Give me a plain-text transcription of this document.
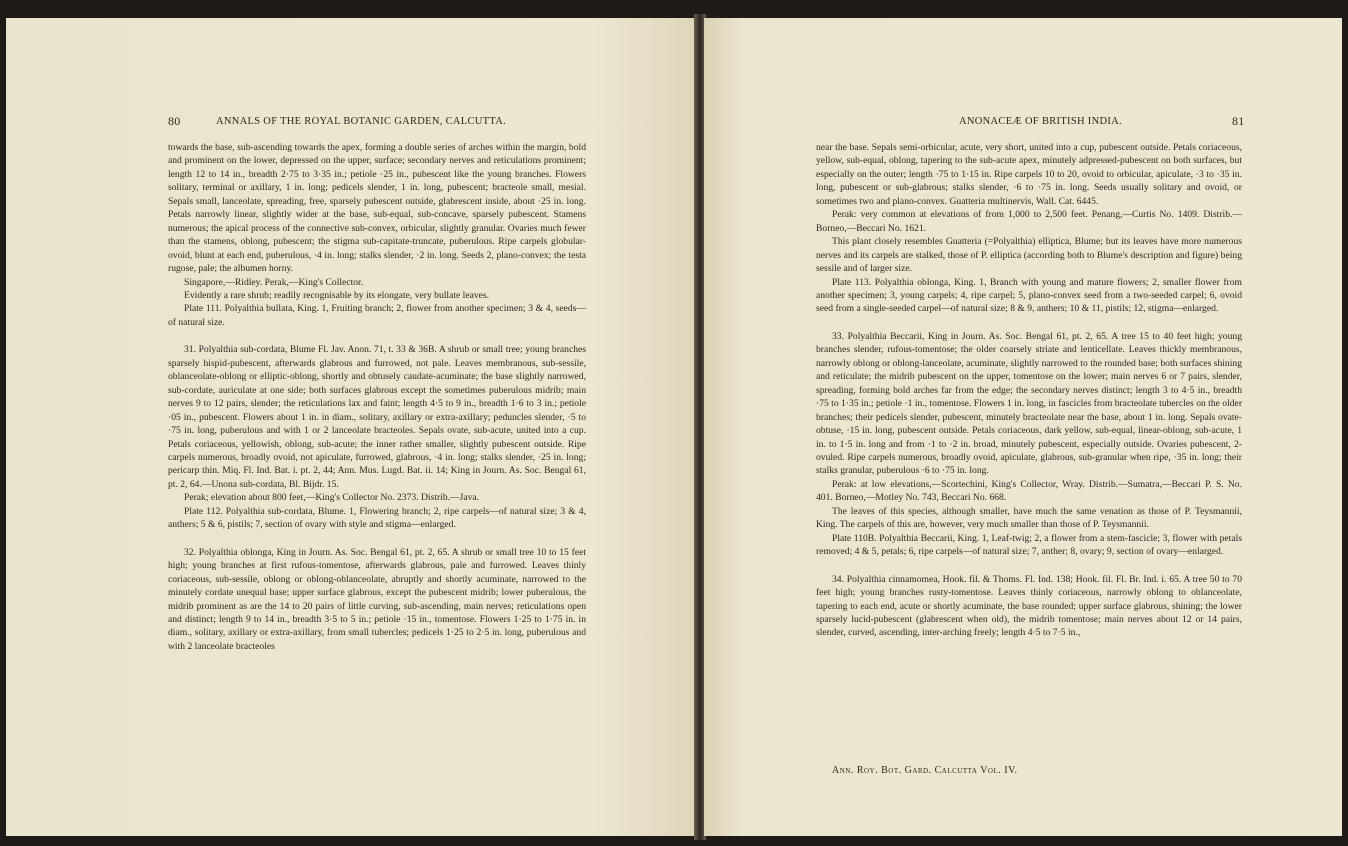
80	ANNALS OF THE ROYAL BOTANIC GARDEN, CALCUTTA.

towards the base, sub-ascending towards the apex, forming a double series of arches within the margin, bold and prominent on the lower, depressed on the upper, surface; secondary nerves and reticulations prominent; length 12 to 14 in., breadth 2·75 to 3·35 in.; petiole ·25 in., pubescent like the young branches. Flowers solitary, terminal or axillary, 1 in. long; pedicels slender, 1 in. long, pubescent; bracteole small, mesial. Sepals small, lanceolate, spreading, free, sparsely pubescent outside, glabrescent inside, about ·25 in. long. Petals narrowly linear, slightly wider at the base, sub-equal, sub-concave, sparsely pubescent. Stamens numerous; the apical process of the connective sub-convex, orbicular, slightly granular. Ovaries much fewer than the stamens, oblong, pubescent; the stigma sub-capitate-truncate, puberulous. Ripe carpels globular-ovoid, blunt at each end, puberulous, ·4 in. long; stalks slender, ·2 in. long. Seeds 2, plano-convex; the testa rugose, pale; the albumen horny.

Singapore,—Ridley. Perak,—King's Collector.

Evidently a rare shrub; readily recognisable by its elongate, very bullate leaves.

Plate 111. Polyalthia bullata, King. 1, Fruiting branch; 2, flower from another specimen; 3 & 4, seeds—of natural size.

31. Polyalthia sub-cordata, Blume Fl. Jav. Anon. 71, t. 33 & 36B. A shrub or small tree; young branches sparsely hispid-pubescent, afterwards glabrous and furrowed, not pale. Leaves membranous, sub-sessile, oblanceolate-oblong or elliptic-oblong, shortly and obtusely caudate-acuminate; the base slightly narrowed, sub-cordate, auriculate at one side; both surfaces glabrous except the sometimes puberulous midrib; main nerves 9 to 12 pairs, slender; the reticulations lax and faint; length 4·5 to 9 in., breadth 1·6 to 3 in.; petiole ·05 in., pubescent. Flowers about 1 in. in diam., solitary, axillary or extra-axillary; peduncles slender, ·5 to ·75 in. long, puberulous and with 1 or 2 lanceolate bracteoles. Sepals ovate, sub-acute, united into a cup. Petals coriaceous, yellowish, oblong, sub-acute; the inner rather smaller, slightly pubescent outside. Ripe carpels numerous, broadly ovoid, not apiculate, furrowed, glabrous, ·4 in. long; stalks slender, ·25 in. long; pericarp thin. Miq. Fl. Ind. Bat. i. pt. 2, 44; Ann. Mus. Lugd. Bat. ii. 14; King in Journ. As. Soc. Bengal 61, pt. 2, 64.—Unona sub-cordata, Bl. Bijdr. 15.

Perak; elevation about 800 feet,—King's Collector No. 2373. Distrib.—Java.

Plate 112. Polyalthia sub-cordata, Blume. 1, Flowering branch; 2, ripe carpels—of natural size; 3 & 4, anthers; 5 & 6, pistils; 7, section of ovary with style and stigma—enlarged.

32. Polyalthia oblonga, King in Journ. As. Soc. Bengal 61, pt. 2, 65. A shrub or small tree 10 to 15 feet high; young branches at first rufous-tomentose, afterwards glabrous, pale and furrowed. Leaves thinly coriaceous, sub-sessile, oblong or oblong-oblanceolate, abruptly and shortly acuminate, narrowed to the minutely cordate unequal base; upper surface glabrous, except the pubescent midrib; lower puberulous, the midrib prominent as are the 14 to 20 pairs of little curving, sub-ascending, main nerves; reticulations open and distinct; length 9 to 14 in., breadth 3·5 to 5 in.; petiole ·15 in., tomentose. Flowers 1·25 to 1·75 in. in diam., solitary, axillary or extra-axillary, from small tubercles; pedicels 1·25 to 2·5 in. long, puberulous and with 2 lanceolate bracteoles

ANONACEÆ OF BRITISH INDIA.	81

near the base. Sepals semi-orbicular, acute, very short, united into a cup, pubescent outside. Petals coriaceous, yellow, sub-equal, oblong, tapering to the sub-acute apex, minutely adpressed-pubescent on both surfaces, but especially on the outer; length ·75 to 1·15 in. Ripe carpels 10 to 20, ovoid to orbicular, apiculate, ·3 to ·35 in. long, pubescent or sub-glabrous; stalks slender, ·6 to ·75 in. long. Seeds usually solitary and ovoid, or sometimes two and plano-convex. Guatteria multinervis, Wall. Cat. 6445.

Perak: very common at elevations of from 1,000 to 2,500 feet. Penang,—Curtis No. 1409. Distrib.—Borneo,—Beccari No. 1621.

This plant closely resembles Guatteria (=Polyalthia) elliptica, Blume; but its leaves have more numerous nerves and its carpels are stalked, those of P. elliptica (according both to Blume's description and figure) being sessile and of larger size.

Plate 113. Polyalthia oblonga, King. 1, Branch with young and mature flowers; 2, smaller flower from another specimen; 3, young carpels; 4, ripe carpel; 5, plano-convex seed from a two-seeded carpel; 6, ovoid seed from a single-seeded carpel—of natural size; 8 & 9, anthers; 10 & 11, pistils; 12, stigma—enlarged.

33. Polyalthia Beccarii, King in Journ. As. Soc. Bengal 61, pt. 2, 65. A tree 15 to 40 feet high; young branches slender, rufous-tomentose; the older coarsely striate and lenticellate. Leaves thickly membranous, narrowly oblong or oblong-lanceolate, acuminate, slightly narrowed to the rounded base; both surfaces shining and reticulate; the midrib pubescent on the upper, tomentose on the lower; main nerves 6 or 7 pairs, slender, spreading, forming bold arches far from the edge; the secondary nerves distinct; length 3 to 4·5 in., breadth ·75 to 1·35 in.; petiole ·1 in., tomentose. Flowers 1 in. long, in fascicles from bracteolate tubercles on the older branches; their pedicels slender, pubescent, minutely bracteolate near the base, about 1 in. long. Sepals ovate-obtuse, ·15 in. long, pubescent outside. Petals coriaceous, dark yellow, sub-equal, linear-oblong, sub-acute, 1 in. to 1·5 in. long and from ·1 to ·2 in. broad, minutely pubescent, especially outside. Ovaries pubescent, 2-ovuled. Ripe carpels numerous, broadly ovoid, apiculate, glabrous, sub-granular when ripe, ·35 in. long; their stalks granular, puberulous ·6 to ·75 in. long.

Perak: at low elevations,—Scortechini, King's Collector, Wray. Distrib.—Sumatra,—Beccari P. S. No. 401. Borneo,—Motley No. 743, Beccari No. 668.

The leaves of this species, although smaller, have much the same venation as those of P. Teysmannii, King. The carpels of this are, however, very much smaller than those of P. Teysmannii.

Plate 110B. Polyalthia Beccarii, King. 1, Leaf-twig; 2, a flower from a stem-fascicle; 3, flower with petals removed; 4 & 5, petals; 6, ripe carpels—of natural size; 7, anther; 8, ovary; 9, section of ovary—enlarged.

34. Polyalthia cinnamomea, Hook. fil. & Thoms. Fl. Ind. 138; Hook. fil. Fl. Br. Ind. i. 65. A tree 50 to 70 feet high; young branches rusty-tomentose. Leaves thinly coriaceous, narrowly oblong to oblanceolate, tapering to each end, acute or shortly acuminate, the base rounded; upper surface glabrous, shining; the lower sparsely lucid-pubescent (glabrescent when old), the midrib tomentose; main nerves about 12 or 14 pairs, slender, curved, ascending, inter-arching freely; length 4·5 to 7·5 in.,

Ann. Roy. Bot. Gard. Calcutta Vol. IV.
